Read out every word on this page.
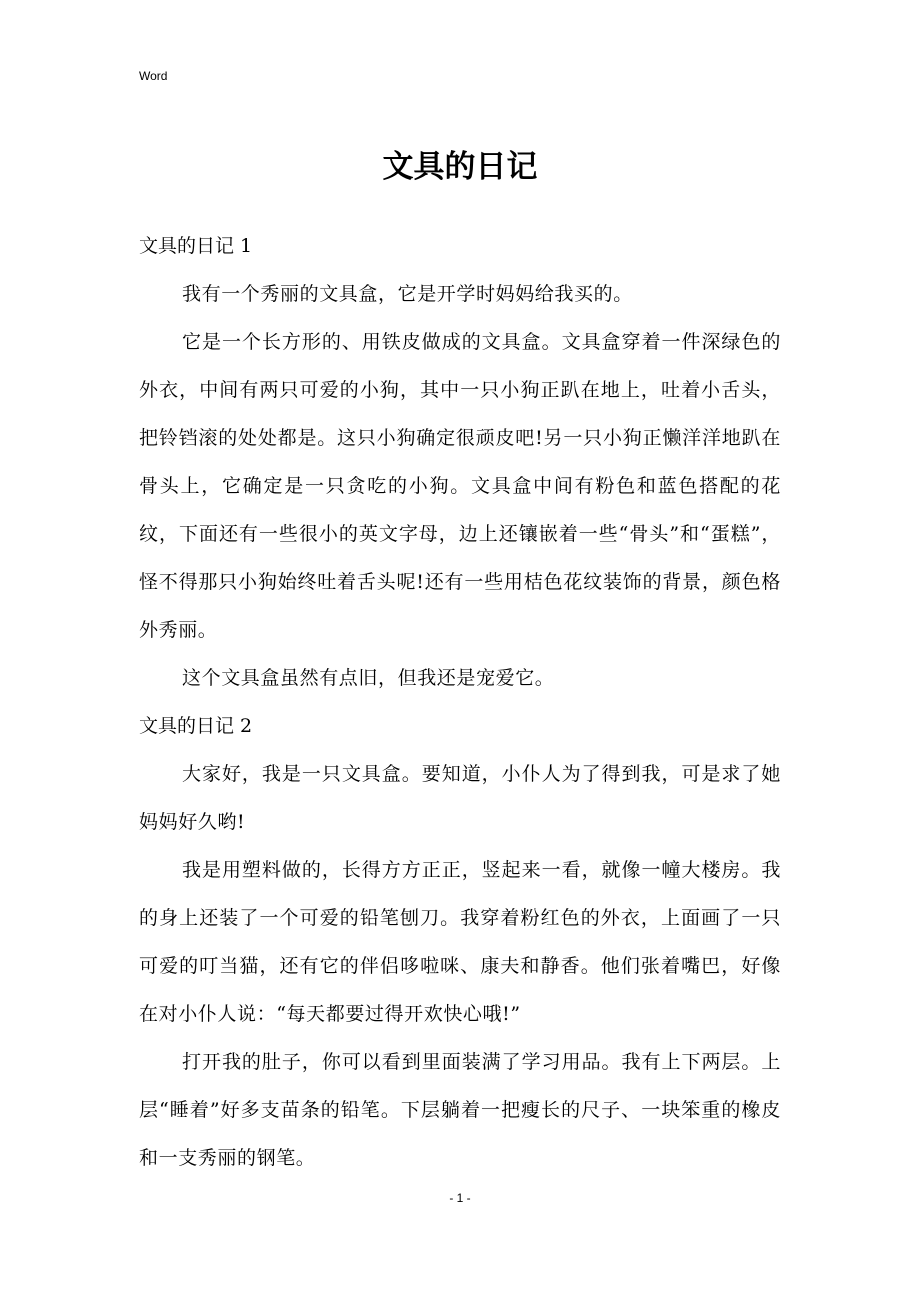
Word
文具的日记

文具的日记 1

我有一个秀丽的文具盒，它是开学时妈妈给我买的。

它是一个长方形的、用铁皮做成的文具盒。文具盒穿着一件深绿色的外衣，中间有两只可爱的小狗，其中一只小狗正趴在地上，吐着小舌头，把铃铛滚的处处都是。这只小狗确定很顽皮吧!另一只小狗正懒洋洋地趴在骨头上，它确定是一只贪吃的小狗。文具盒中间有粉色和蓝色搭配的花纹，下面还有一些很小的英文字母，边上还镶嵌着一些“骨头”和“蛋糕”，怪不得那只小狗始终吐着舌头呢!还有一些用桔色花纹装饰的背景，颜色格外秀丽。

这个文具盒虽然有点旧，但我还是宠爱它。

文具的日记 2

大家好，我是一只文具盒。要知道，小仆人为了得到我，可是求了她妈妈好久哟!

我是用塑料做的，长得方方正正，竖起来一看，就像一幢大楼房。我的身上还装了一个可爱的铅笔刨刀。我穿着粉红色的外衣，上面画了一只可爱的叮当猫，还有它的伴侣哆啦咪、康夫和静香。他们张着嘴巴，好像在对小仆人说：“每天都要过得开欢快心哦!”

打开我的肚子，你可以看到里面装满了学习用品。我有上下两层。上层“睡着”好多支苗条的铅笔。下层躺着一把瘦长的尺子、一块笨重的橡皮和一支秀丽的钢笔。

- 1 -
